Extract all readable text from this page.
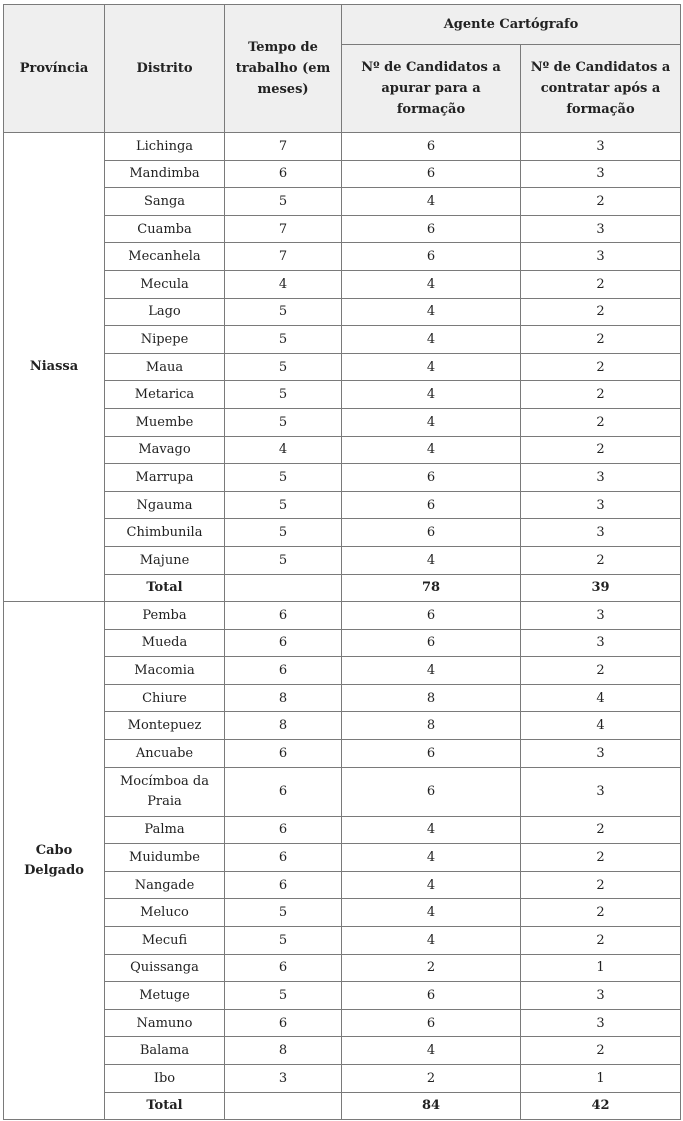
Província	Distrito	Tempo de trabalho (em meses)	Agente Cartógrafo	
			Nº de Candidatos a apurar para a formação	Nº de Candidatos a contratar após a formação
Niassa	Lichinga	7	6	3
	Mandimba	6	6	3
	Sanga	5	4	2
	Cuamba	7	6	3
	Mecanhela	7	6	3
	Mecula	4	4	2
	Lago	5	4	2
	Nipepe	5	4	2
	Maua	5	4	2
	Metarica	5	4	2
	Muembe	5	4	2
	Mavago	4	4	2
	Marrupa	5	6	3
	Ngauma	5	6	3
	Chimbunila	5	6	3
	Majune	5	4	2
	Total		78	39
Cabo Delgado	Pemba	6	6	3
	Mueda	6	6	3
	Macomia	6	4	2
	Chiure	8	8	4
	Montepuez	8	8	4
	Ancuabe	6	6	3
	Mocímboa da Praia	6	6	3
	Palma	6	4	2
	Muidumbe	6	4	2
	Nangade	6	4	2
	Meluco	5	4	2
	Mecufi	5	4	2
	Quissanga	6	2	1
	Metuge	5	6	3
	Namuno	6	6	3
	Balama	8	4	2
	Ibo	3	2	1
	Total		84	42
